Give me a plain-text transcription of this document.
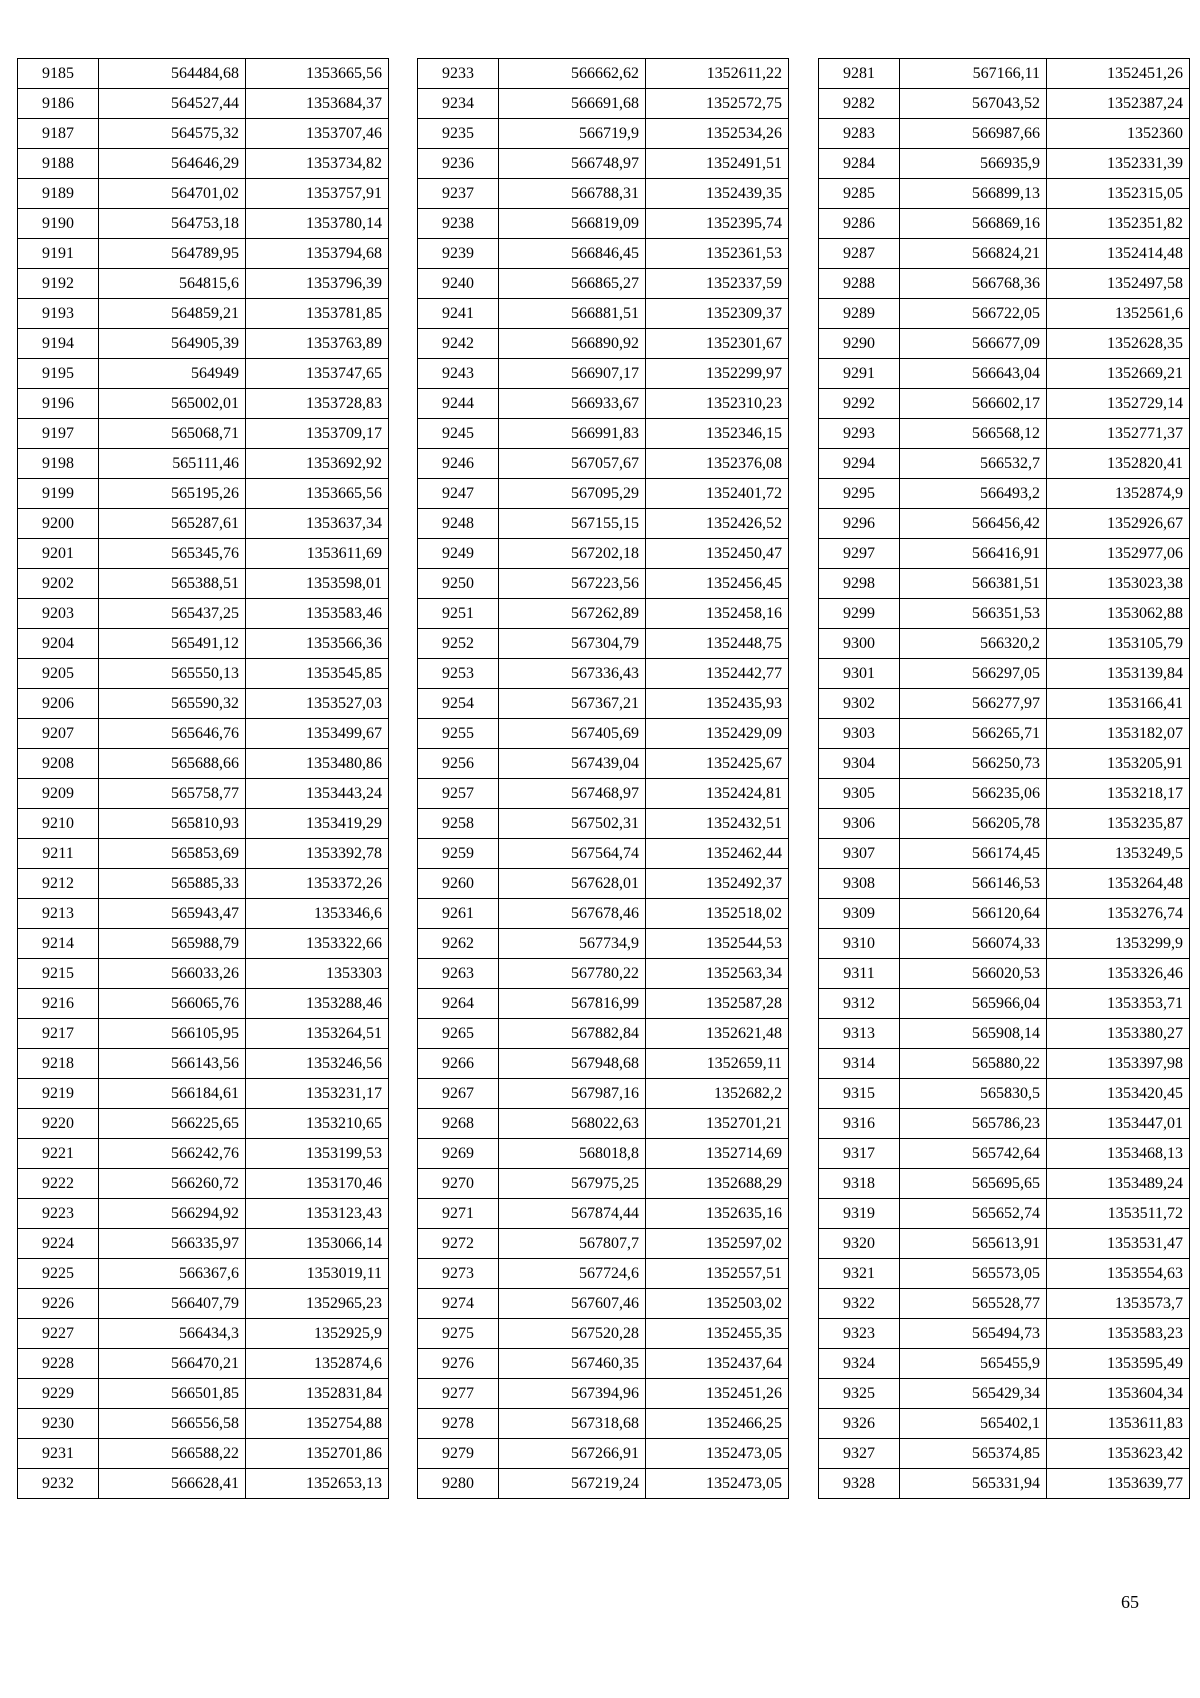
9185	564484,68	1353665,56
9186	564527,44	1353684,37
9187	564575,32	1353707,46
9188	564646,29	1353734,82
9189	564701,02	1353757,91
9190	564753,18	1353780,14
9191	564789,95	1353794,68
9192	564815,6	1353796,39
9193	564859,21	1353781,85
9194	564905,39	1353763,89
9195	564949	1353747,65
9196	565002,01	1353728,83
9197	565068,71	1353709,17
9198	565111,46	1353692,92
9199	565195,26	1353665,56
9200	565287,61	1353637,34
9201	565345,76	1353611,69
9202	565388,51	1353598,01
9203	565437,25	1353583,46
9204	565491,12	1353566,36
9205	565550,13	1353545,85
9206	565590,32	1353527,03
9207	565646,76	1353499,67
9208	565688,66	1353480,86
9209	565758,77	1353443,24
9210	565810,93	1353419,29
9211	565853,69	1353392,78
9212	565885,33	1353372,26
9213	565943,47	1353346,6
9214	565988,79	1353322,66
9215	566033,26	1353303
9216	566065,76	1353288,46
9217	566105,95	1353264,51
9218	566143,56	1353246,56
9219	566184,61	1353231,17
9220	566225,65	1353210,65
9221	566242,76	1353199,53
9222	566260,72	1353170,46
9223	566294,92	1353123,43
9224	566335,97	1353066,14
9225	566367,6	1353019,11
9226	566407,79	1352965,23
9227	566434,3	1352925,9
9228	566470,21	1352874,6
9229	566501,85	1352831,84
9230	566556,58	1352754,88
9231	566588,22	1352701,86
9232	566628,41	1352653,13
9233	566662,62	1352611,22
9234	566691,68	1352572,75
9235	566719,9	1352534,26
9236	566748,97	1352491,51
9237	566788,31	1352439,35
9238	566819,09	1352395,74
9239	566846,45	1352361,53
9240	566865,27	1352337,59
9241	566881,51	1352309,37
9242	566890,92	1352301,67
9243	566907,17	1352299,97
9244	566933,67	1352310,23
9245	566991,83	1352346,15
9246	567057,67	1352376,08
9247	567095,29	1352401,72
9248	567155,15	1352426,52
9249	567202,18	1352450,47
9250	567223,56	1352456,45
9251	567262,89	1352458,16
9252	567304,79	1352448,75
9253	567336,43	1352442,77
9254	567367,21	1352435,93
9255	567405,69	1352429,09
9256	567439,04	1352425,67
9257	567468,97	1352424,81
9258	567502,31	1352432,51
9259	567564,74	1352462,44
9260	567628,01	1352492,37
9261	567678,46	1352518,02
9262	567734,9	1352544,53
9263	567780,22	1352563,34
9264	567816,99	1352587,28
9265	567882,84	1352621,48
9266	567948,68	1352659,11
9267	567987,16	1352682,2
9268	568022,63	1352701,21
9269	568018,8	1352714,69
9270	567975,25	1352688,29
9271	567874,44	1352635,16
9272	567807,7	1352597,02
9273	567724,6	1352557,51
9274	567607,46	1352503,02
9275	567520,28	1352455,35
9276	567460,35	1352437,64
9277	567394,96	1352451,26
9278	567318,68	1352466,25
9279	567266,91	1352473,05
9280	567219,24	1352473,05
9281	567166,11	1352451,26
9282	567043,52	1352387,24
9283	566987,66	1352360
9284	566935,9	1352331,39
9285	566899,13	1352315,05
9286	566869,16	1352351,82
9287	566824,21	1352414,48
9288	566768,36	1352497,58
9289	566722,05	1352561,6
9290	566677,09	1352628,35
9291	566643,04	1352669,21
9292	566602,17	1352729,14
9293	566568,12	1352771,37
9294	566532,7	1352820,41
9295	566493,2	1352874,9
9296	566456,42	1352926,67
9297	566416,91	1352977,06
9298	566381,51	1353023,38
9299	566351,53	1353062,88
9300	566320,2	1353105,79
9301	566297,05	1353139,84
9302	566277,97	1353166,41
9303	566265,71	1353182,07
9304	566250,73	1353205,91
9305	566235,06	1353218,17
9306	566205,78	1353235,87
9307	566174,45	1353249,5
9308	566146,53	1353264,48
9309	566120,64	1353276,74
9310	566074,33	1353299,9
9311	566020,53	1353326,46
9312	565966,04	1353353,71
9313	565908,14	1353380,27
9314	565880,22	1353397,98
9315	565830,5	1353420,45
9316	565786,23	1353447,01
9317	565742,64	1353468,13
9318	565695,65	1353489,24
9319	565652,74	1353511,72
9320	565613,91	1353531,47
9321	565573,05	1353554,63
9322	565528,77	1353573,7
9323	565494,73	1353583,23
9324	565455,9	1353595,49
9325	565429,34	1353604,34
9326	565402,1	1353611,83
9327	565374,85	1353623,42
9328	565331,94	1353639,77
65
